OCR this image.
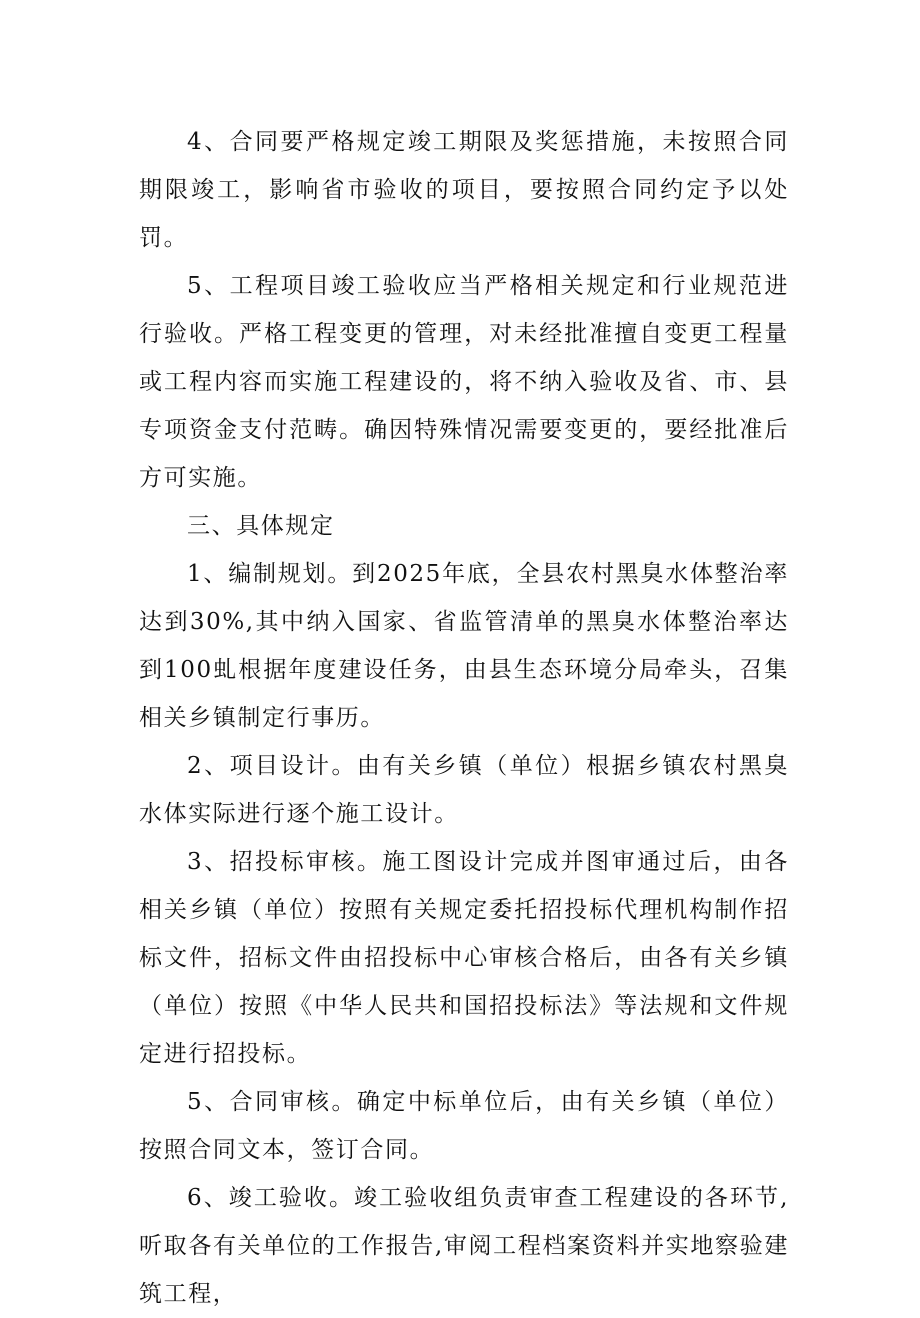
4、合同要严格规定竣工期限及奖惩措施，未按照合同期限竣工，影响省市验收的项目，要按照合同约定予以处罚。

5、工程项目竣工验收应当严格相关规定和行业规范进行验收。严格工程变更的管理，对未经批准擅自变更工程量或工程内容而实施工程建设的，将不纳入验收及省、市、县专项资金支付范畴。确因特殊情况需要变更的，要经批准后方可实施。

三、具体规定

1、编制规划。到2025年底，全县农村黑臭水体整治率达到30%,其中纳入国家、省监管清单的黑臭水体整治率达到100虬根据年度建设任务，由县生态环境分局牵头，召集相关乡镇制定行事历。

2、项目设计。由有关乡镇（单位）根据乡镇农村黑臭水体实际进行逐个施工设计。

3、招投标审核。施工图设计完成并图审通过后，由各相关乡镇（单位）按照有关规定委托招投标代理机构制作招标文件，招标文件由招投标中心审核合格后，由各有关乡镇（单位）按照《中华人民共和国招投标法》等法规和文件规定进行招投标。

5、合同审核。确定中标单位后，由有关乡镇（单位）按照合同文本，签订合同。

6、竣工验收。竣工验收组负责审查工程建设的各环节,听取各有关单位的工作报告,审阅工程档案资料并实地察验建筑工程，
